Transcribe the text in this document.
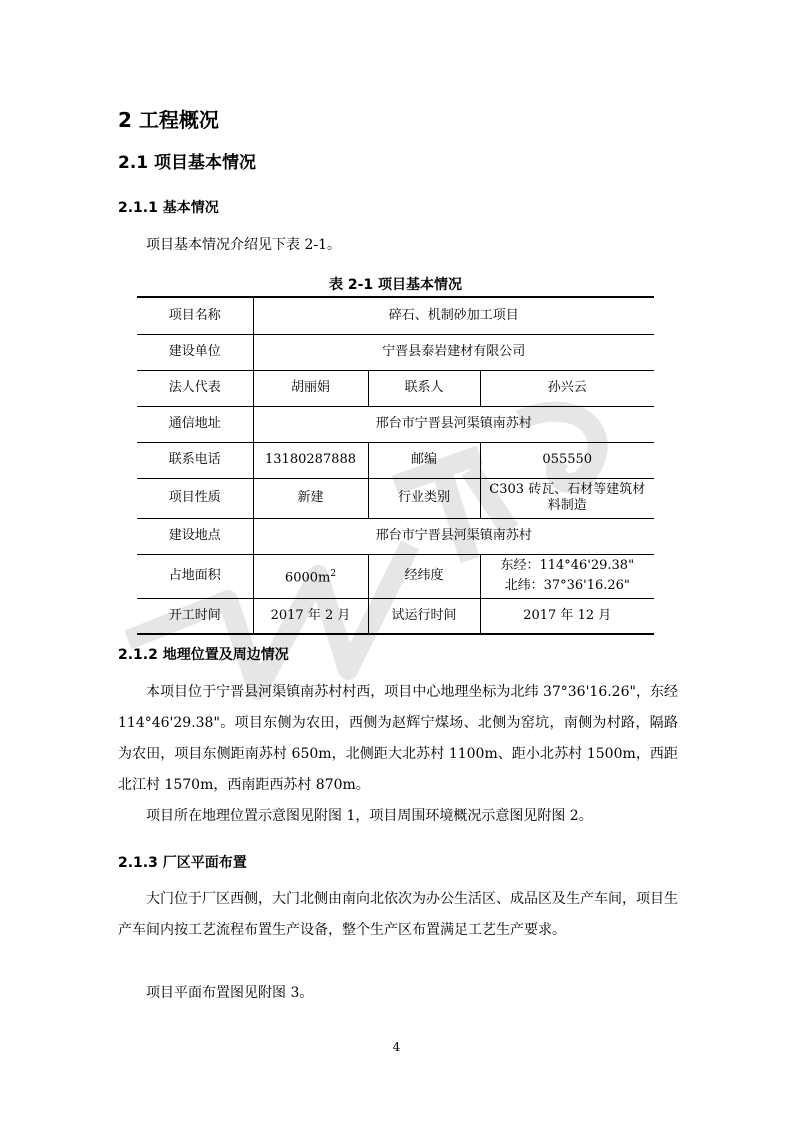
2 工程概况
2.1 项目基本情况
2.1.1 基本情况
项目基本情况介绍见下表 2-1。
表 2-1 项目基本情况
项目名称	碎石、机制砂加工项目		
建设单位	宁晋县泰岩建材有限公司		
法人代表	胡丽娟	联系人	孙兴云
通信地址	邢台市宁晋县河渠镇南苏村		
联系电话	13180287888	邮编	055550
项目性质	新建	行业类别	C303 砖瓦、石材等建筑材料制造
建设地点	邢台市宁晋县河渠镇南苏村		
占地面积	$6000m^2$	经纬度	东经：114°46'29.38"
北纬：37°36'16.26"

开工时间	2017 年 2 月	试运行时间	2017 年 12 月
2.1.2 地理位置及周边情况
本项目位于宁晋县河渠镇南苏村村西，项目中心地理坐标为北纬 37°36'16.26"，东经 114°46'29.38"。项目东侧为农田，西侧为赵辉宁煤场、北侧为窑坑，南侧为村路，隔路为农田，项目东侧距南苏村 650m，北侧距大北苏村 1100m、距小北苏村 1500m，西距北江村 1570m，西南距西苏村 870m。
项目所在地理位置示意图见附图 1，项目周围环境概况示意图见附图 2。
2.1.3 厂区平面布置
大门位于厂区西侧，大门北侧由南向北依次为办公生活区、成品区及生产车间，项目生产车间内按工艺流程布置生产设备，整个生产区布置满足工艺生产要求。
项目平面布置图见附图 3。
4
